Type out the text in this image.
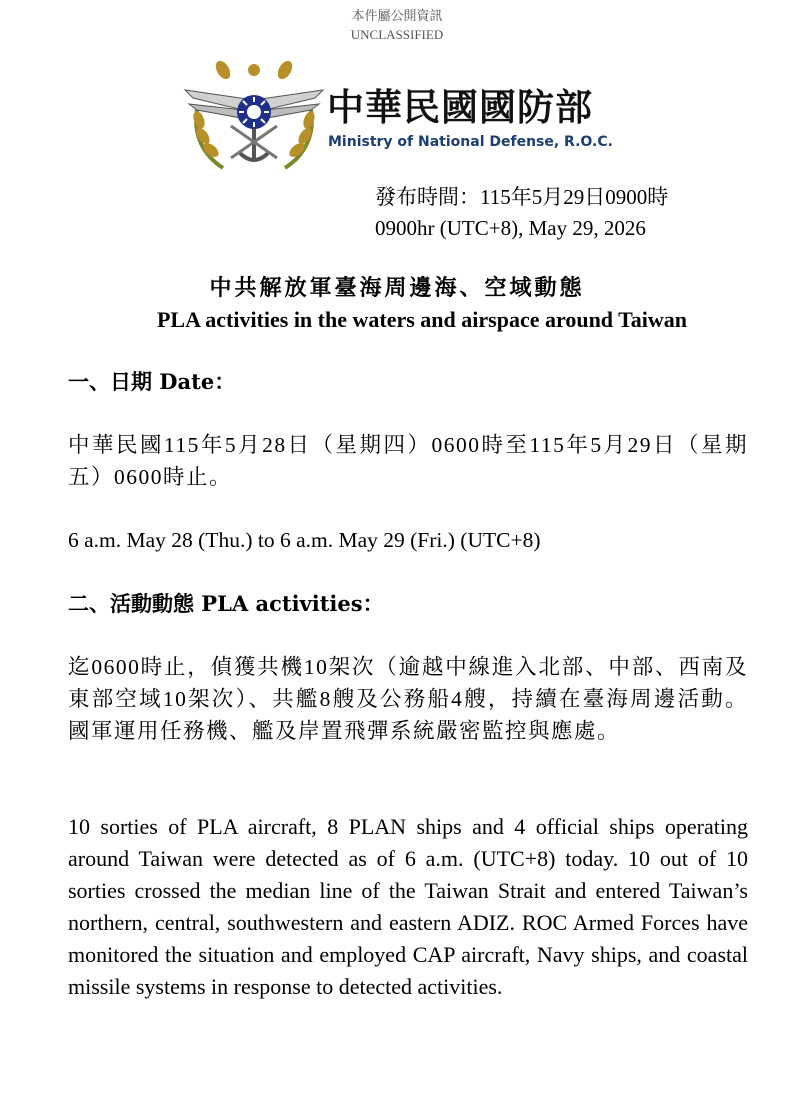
本件屬公開資訊
UNCLASSIFIED
中華民國國防部
Ministry of National Defense, R.O.C.
發布時間：115年5月29日0900時
0900hr (UTC+8), May 29, 2026
中共解放軍臺海周邊海、空域動態
PLA activities in the waters and airspace around Taiwan
一、日期 Date：
中華民國115年5月28日（星期四）0600時至115年5月29日（星期五）0600時止。
6 a.m. May 28 (Thu.) to 6 a.m. May 29 (Fri.) (UTC+8)
二、活動動態 PLA activities：
迄0600時止，偵獲共機10架次（逾越中線進入北部、中部、西南及東部空域10架次）、共艦8艘及公務船4艘，持續在臺海周邊活動。國軍運用任務機、艦及岸置飛彈系統嚴密監控與應處。
10 sorties of PLA aircraft, 8 PLAN ships and 4 official ships operating around Taiwan were detected as of 6 a.m. (UTC+8) today. 10 out of 10 sorties crossed the median line of the Taiwan Strait and entered Taiwan’s northern, central, southwestern and eastern ADIZ. ROC Armed Forces have monitored the situation and employed CAP aircraft, Navy ships, and coastal missile systems in response to detected activities.
